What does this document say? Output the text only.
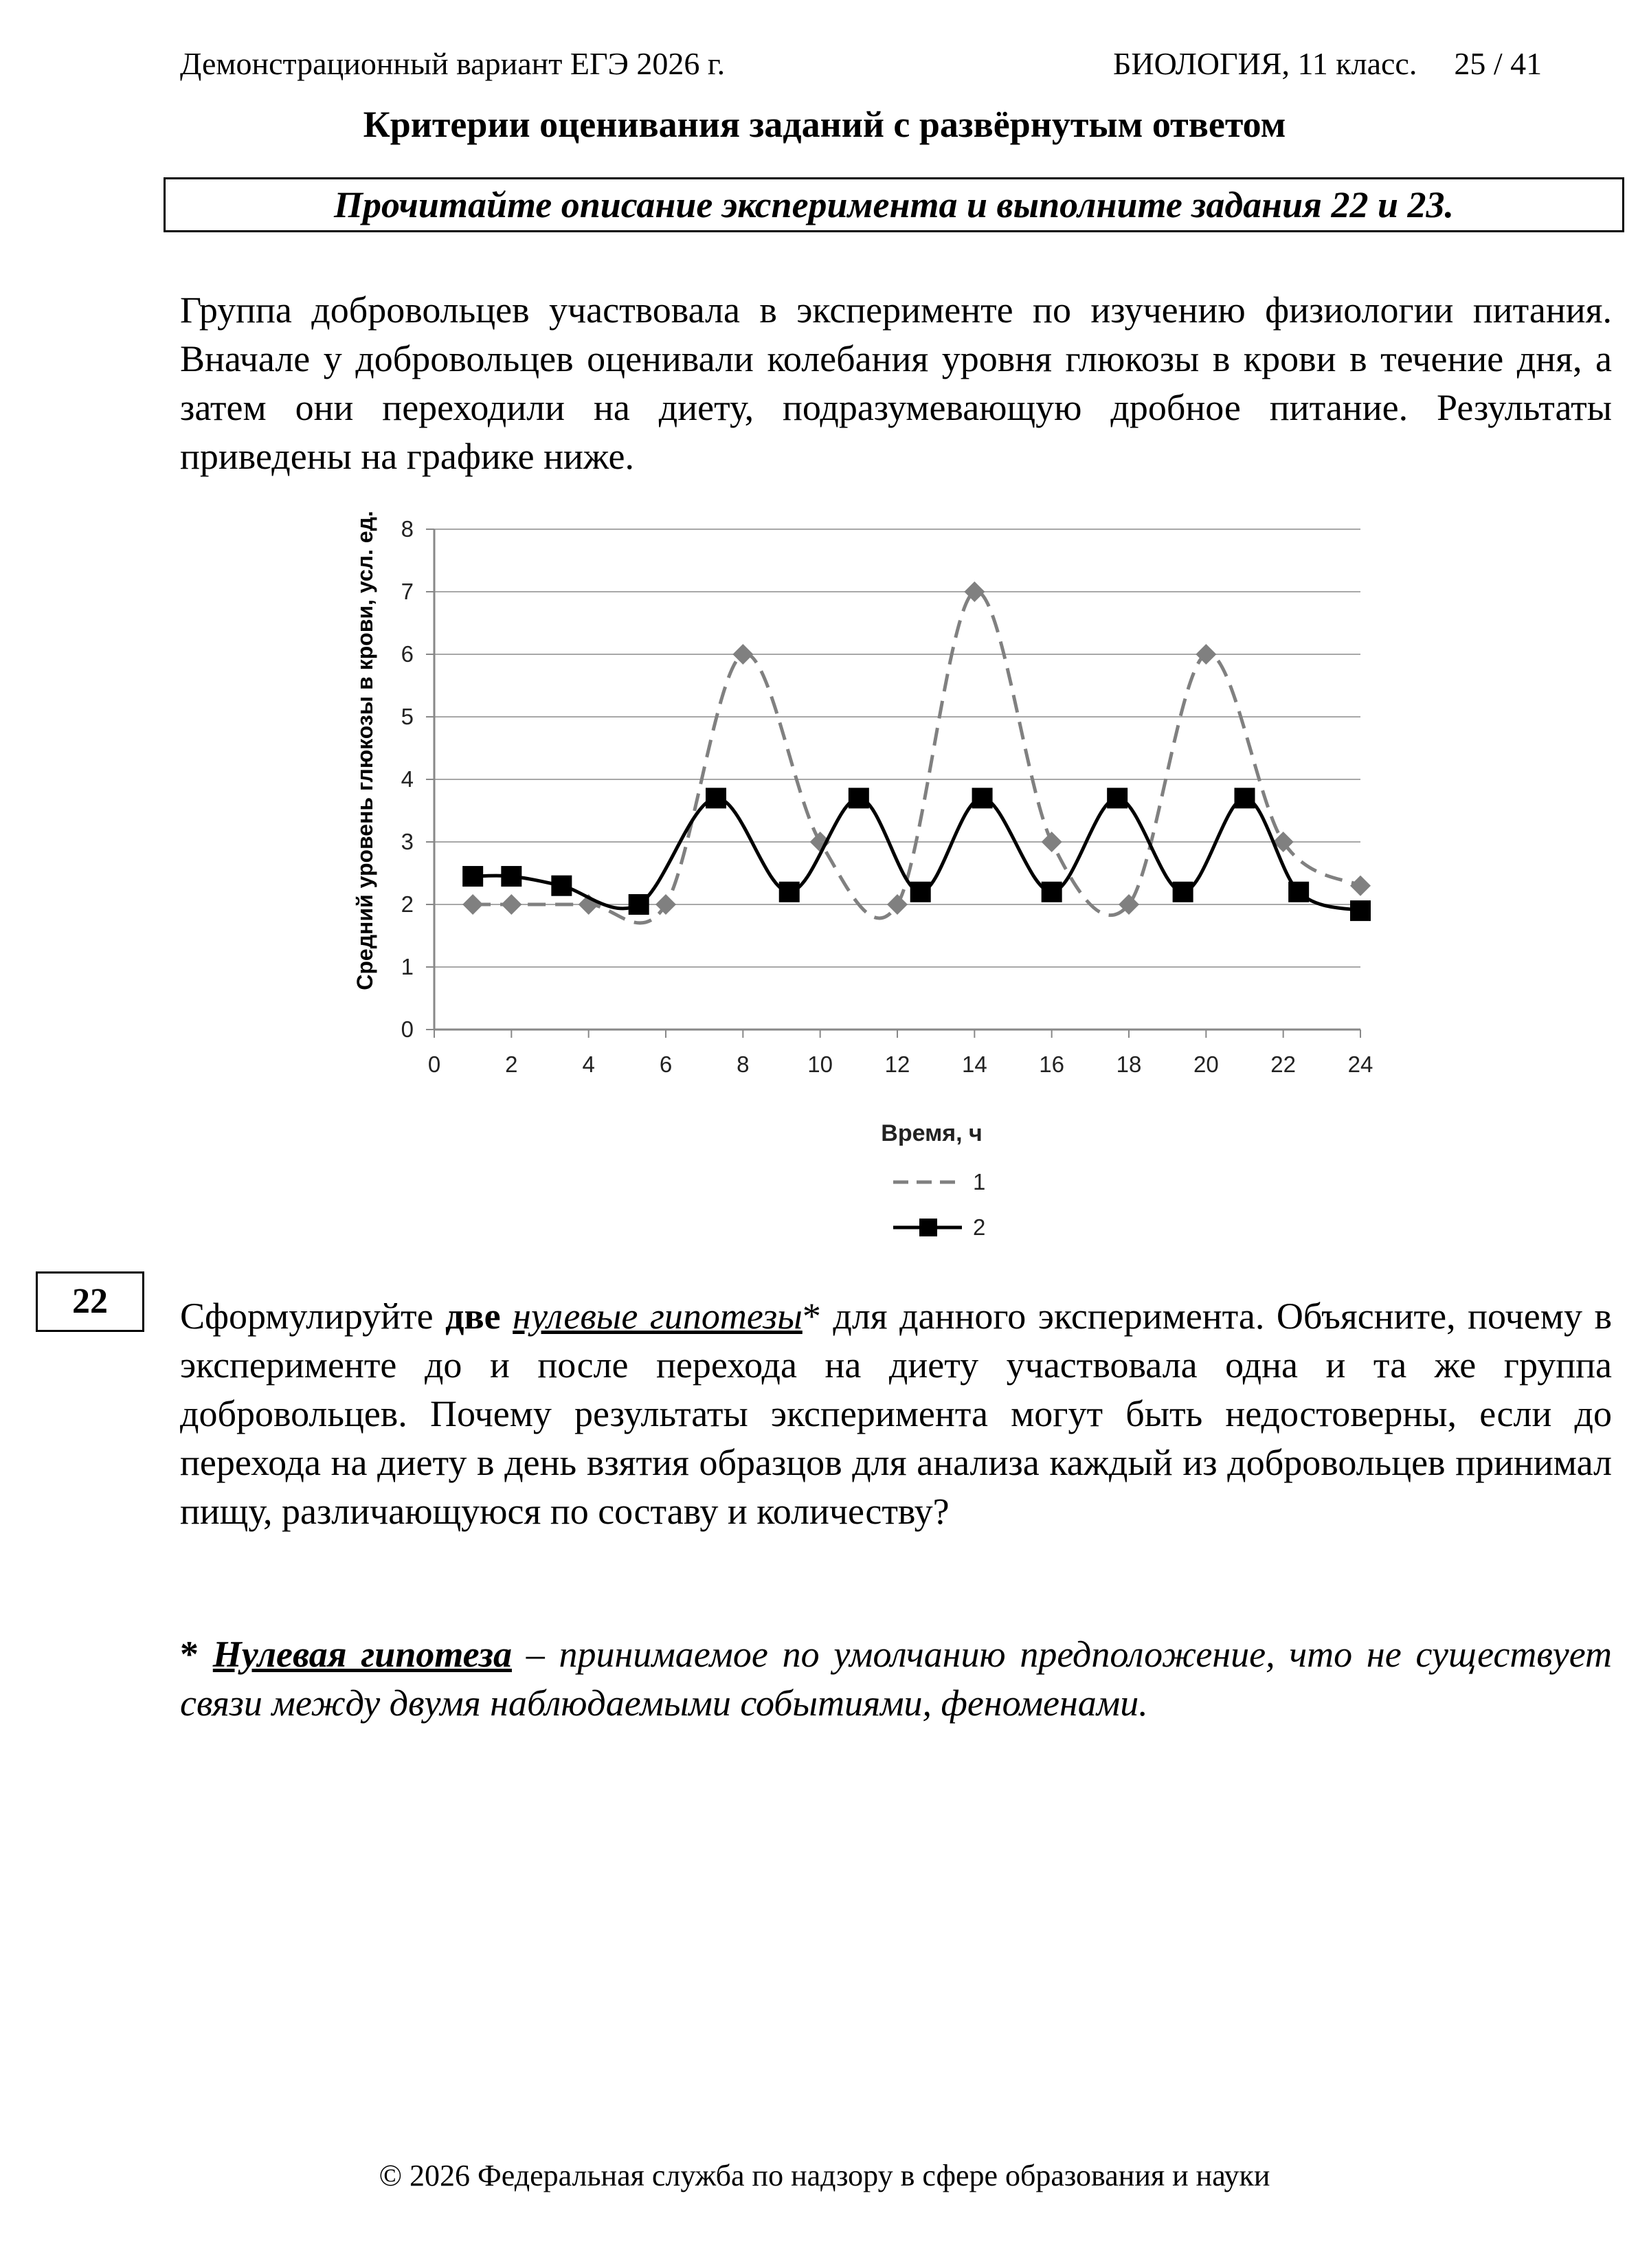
Демонстрационный вариант ЕГЭ 2026 г.	БИОЛОГИЯ, 11 класс. 25 / 41
Критерии оценивания заданий с развёрнутым ответом
Прочитайте описание эксперимента и выполните задания 22 и 23.
Группа добровольцев участвовала в эксперименте по изучению физиологии питания. Вначале у добровольцев оценивали колебания уровня глюкозы в крови в течение дня, а затем они переходили на диету, подразумевающую дробное питание. Результаты приведены на графике ниже.
0
1
2
3
4
5
6
7
8
0	2	4	6	8	10 12 14 16 18 20 22 24
Средний уровень глюкозы в крови, усл. ед.
Время, ч
1
2
22	Сформулируйте две нулевые гипотезы* для данного эксперимента. Объясните, почему в эксперименте до и после перехода на диету участвовала одна и та же группа добровольцев. Почему результаты эксперимента могут быть недостоверны, если до перехода на диету в день взятия образцов для анализа каждый из добровольцев принимал пищу, различающуюся по составу и количеству?
* Нулевая гипотеза – принимаемое по умолчанию предположение, что не существует связи между двумя наблюдаемыми событиями, феноменами.
© 2026 Федеральная служба по надзору в сфере образования и науки
